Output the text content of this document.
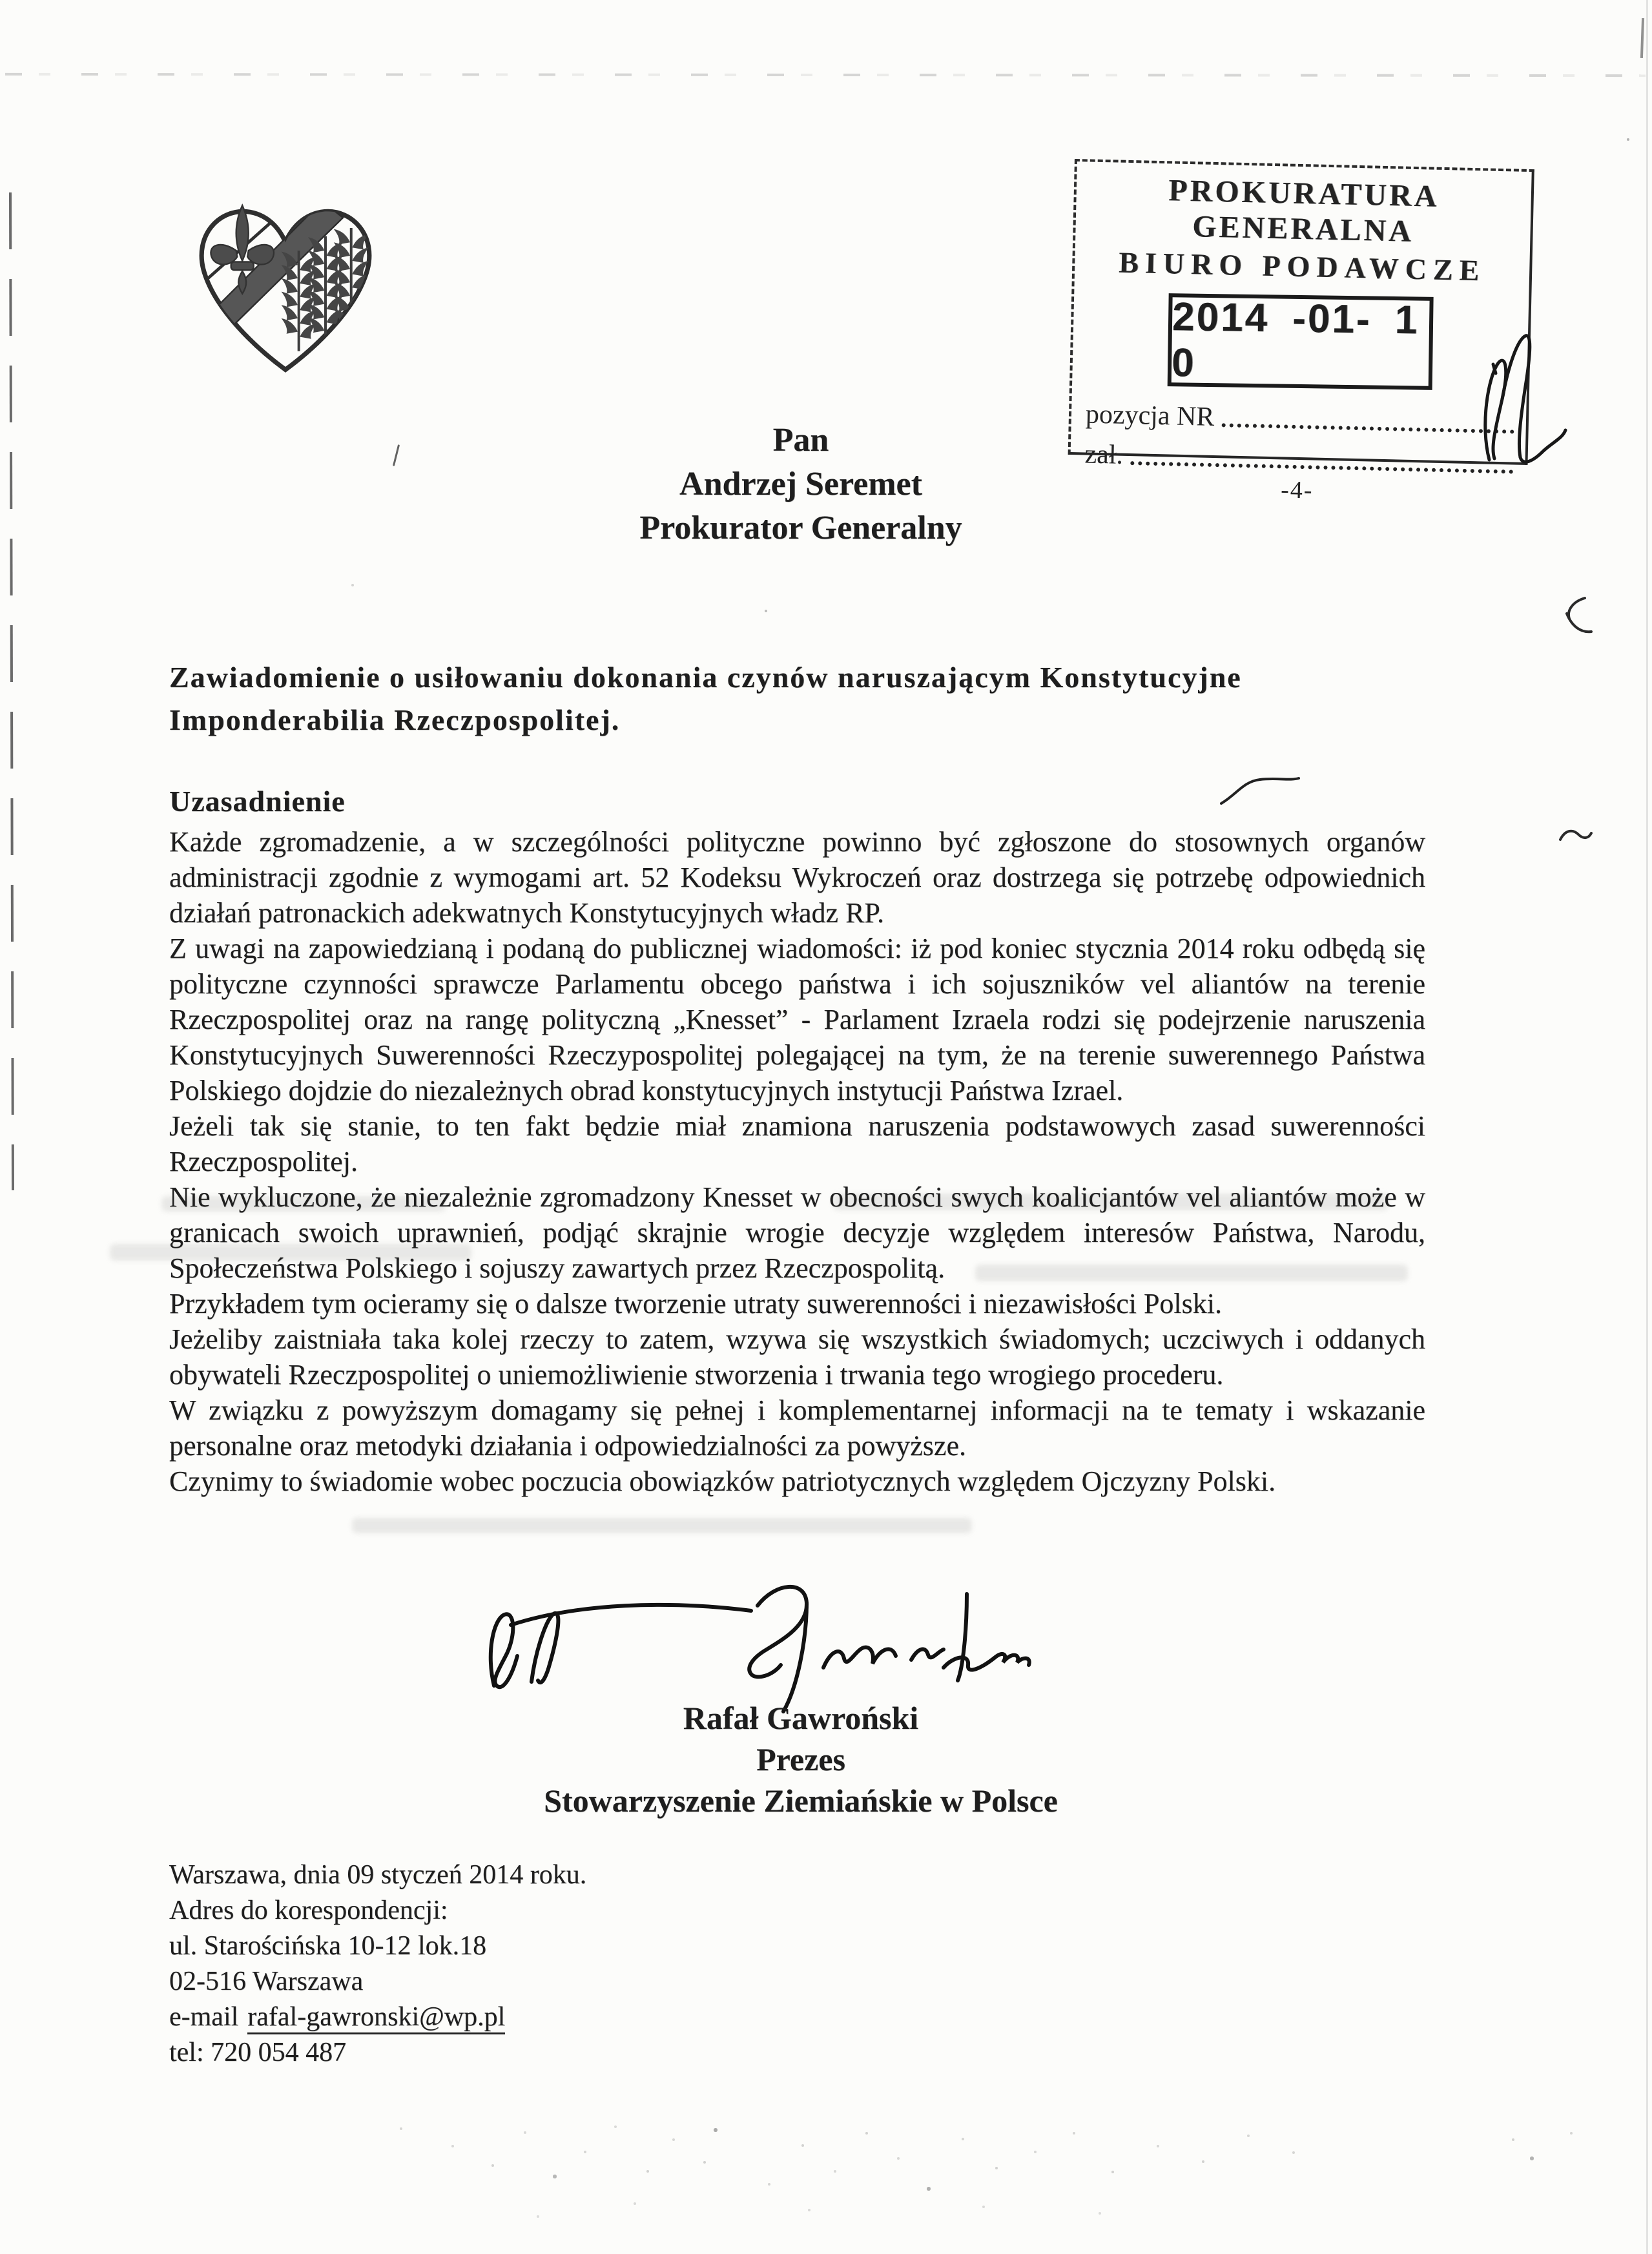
PROKURATURA GENERALNA
BIURO PODAWCZE
2014 -01- 1 0
pozycja NR
zał.
-4-
Pan
Andrzej Seremet
Prokurator Generalny
Zawiadomienie o usiłowaniu dokonania czynów naruszającym Konstytucyjne
Imponderabilia Rzeczpospolitej.
Uzasadnienie

Każde zgromadzenie, a w szczególności polityczne powinno być zgłoszone do stosownych organów administracji zgodnie z wymogami art. 52 Kodeksu Wykroczeń oraz dostrzega się potrzebę odpowiednich działań patronackich adekwatnych Konstytucyjnych władz RP.

Z uwagi na zapowiedzianą i podaną do publicznej wiadomości: iż pod koniec stycznia 2014 roku odbędą się polityczne czynności sprawcze Parlamentu obcego państwa i ich sojuszników vel aliantów na terenie Rzeczpospolitej oraz na rangę polityczną „Knesset” - Parlament Izraela rodzi się podejrzenie naruszenia Konstytucyjnych Suwerenności Rzeczypospolitej polegającej na tym, że na terenie suwerennego Państwa Polskiego dojdzie do niezależnych obrad konstytucyjnych instytucji Państwa Izrael.

Jeżeli tak się stanie, to ten fakt będzie miał znamiona naruszenia podstawowych zasad suwerenności Rzeczpospolitej.

Nie wykluczone, że niezależnie zgromadzony Knesset w obecności swych koalicjantów vel aliantów może w granicach swoich uprawnień, podjąć skrajnie wrogie decyzje względem interesów Państwa, Narodu, Społeczeństwa Polskiego i sojuszy zawartych przez Rzeczpospolitą.

Przykładem tym ocieramy się o dalsze tworzenie utraty suwerenności i niezawisłości Polski.

Jeżeliby zaistniała taka kolej rzeczy to zatem, wzywa się wszystkich świadomych; uczciwych i oddanych obywateli Rzeczpospolitej o uniemożliwienie stworzenia i trwania tego wrogiego procederu.

W związku z powyższym domagamy się pełnej i komplementarnej informacji na te tematy i wskazanie personalne oraz metodyki działania i odpowiedzialności za powyższe.

Czynimy to świadomie wobec poczucia obowiązków patriotycznych względem Ojczyzny Polski.

Rafał Gawroński
Prezes
Stowarzyszenie Ziemiańskie w Polsce
Warszawa, dnia 09 styczeń 2014 roku.
Adres do korespondencji:
ul. Starościńska 10-12 lok.18
02-516 Warszawa
e-mail rafal-gawronski@wp.pl
tel: 720 054 487
